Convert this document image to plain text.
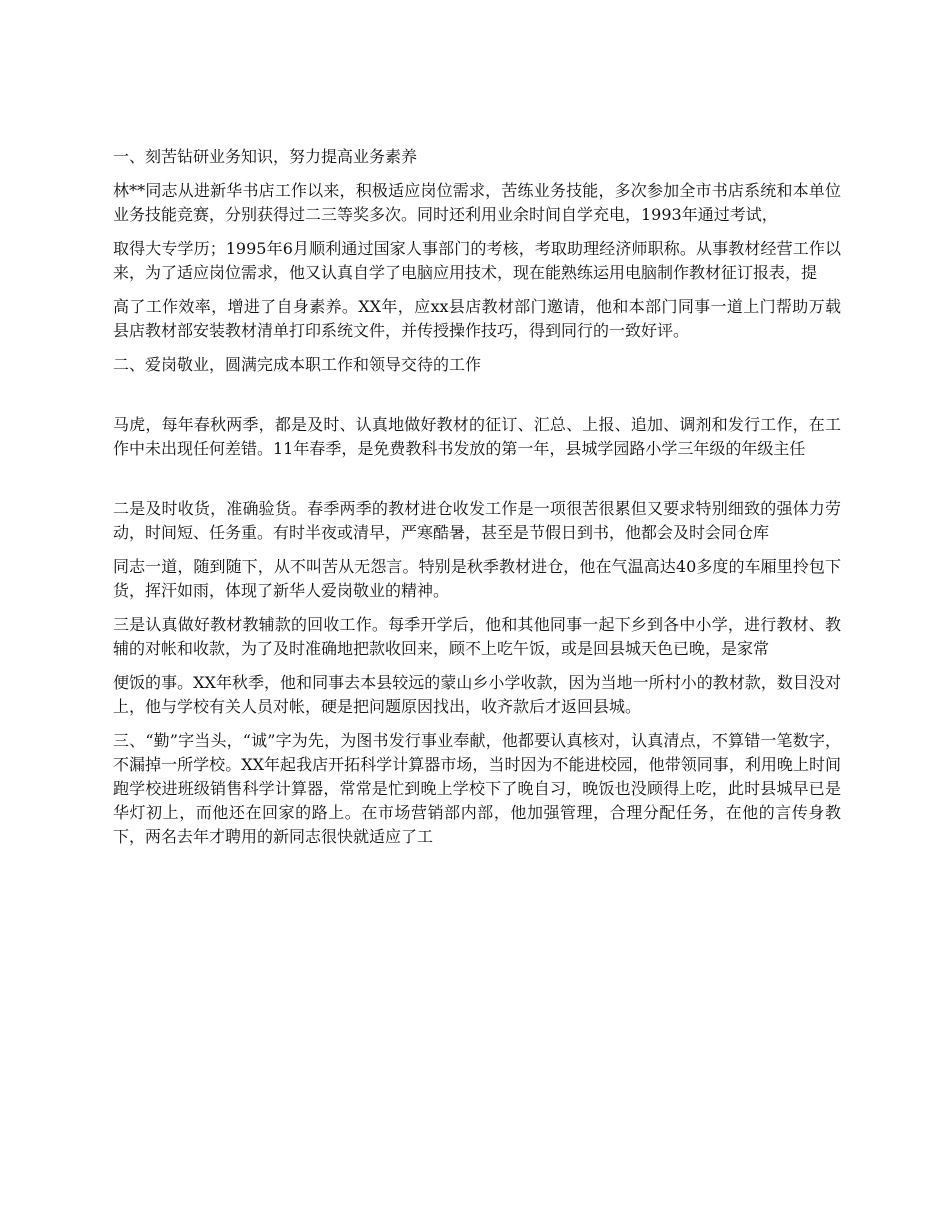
一、刻苦钻研业务知识，努力提高业务素养

林**同志从进新华书店工作以来，积极适应岗位需求，苦练业务技能，多次参加全市书店系统和本单位业务技能竞赛，分别获得过二三等奖多次。同时还利用业余时间自学充电，1993年通过考试，

取得大专学历；1995年6月顺利通过国家人事部门的考核，考取助理经济师职称。从事教材经营工作以来，为了适应岗位需求，他又认真自学了电脑应用技术，现在能熟练运用电脑制作教材征订报表，提

高了工作效率，增进了自身素养。XX年，应xx县店教材部门邀请，他和本部门同事一道上门帮助万载县店教材部安装教材清单打印系统文件，并传授操作技巧，得到同行的一致好评。

二、爱岗敬业，圆满完成本职工作和领导交待的工作

马虎，每年春秋两季，都是及时、认真地做好教材的征订、汇总、上报、追加、调剂和发行工作，在工作中未出现任何差错。11年春季，是免费教科书发放的第一年，县城学园路小学三年级的年级主任

二是及时收货，准确验货。春季两季的教材进仓收发工作是一项很苦很累但又要求特别细致的强体力劳动，时间短、任务重。有时半夜或清早，严寒酷暑，甚至是节假日到书，他都会及时会同仓库

同志一道，随到随下，从不叫苦从无怨言。特别是秋季教材进仓，他在气温高达40多度的车厢里拎包下货，挥汗如雨，体现了新华人爱岗敬业的精神。

三是认真做好教材教辅款的回收工作。每季开学后，他和其他同事一起下乡到各中小学，进行教材、教辅的对帐和收款，为了及时准确地把款收回来，顾不上吃午饭，或是回县城天色已晚，是家常

便饭的事。XX年秋季，他和同事去本县较远的蒙山乡小学收款，因为当地一所村小的教材款，数目没对上，他与学校有关人员对帐，硬是把问题原因找出，收齐款后才返回县城。

三、“勤”字当头，“诚”字为先，为图书发行事业奉献，他都要认真核对，认真清点，不算错一笔数字，不漏掉一所学校。XX年起我店开拓科学计算器市场，当时因为不能进校园，他带领同事，利用晚上时间跑学校进班级销售科学计算器，常常是忙到晚上学校下了晚自习，晚饭也没顾得上吃，此时县城早已是华灯初上，而他还在回家的路上。在市场营销部内部，他加强管理，合理分配任务，在他的言传身教下，两名去年才聘用的新同志很快就适应了工
